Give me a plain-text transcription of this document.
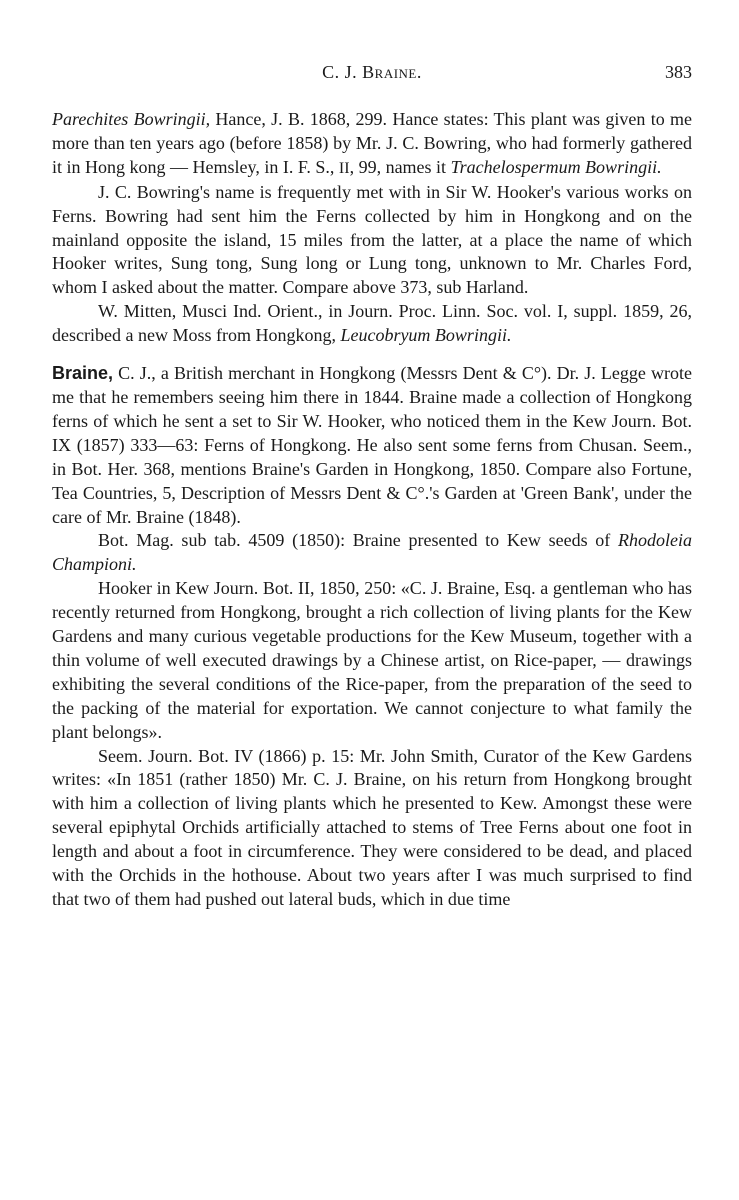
C. J. Braine.	383

Parechites Bowringii, Hance, J. B. 1868, 299. Hance states: This plant was given to me more than ten years ago (before 1858) by Mr. J. C. Bowring, who had formerly gathered it in Hong kong — Hemsley, in I. F. S., II, 99, names it Trachelospermum Bowringii.

J. C. Bowring's name is frequently met with in Sir W. Hooker's various works on Ferns. Bowring had sent him the Ferns collected by him in Hongkong and on the mainland opposite the island, 15 miles from the latter, at a place the name of which Hooker writes, Sung tong, Sung long or Lung tong, unknown to Mr. Charles Ford, whom I asked about the matter. Compare above 373, sub Harland.

W. Mitten, Musci Ind. Orient., in Journ. Proc. Linn. Soc. vol. I, suppl. 1859, 26, described a new Moss from Hongkong, Leucobryum Bowringii.

Braine, C. J., a British merchant in Hongkong (Messrs Dent & C°). Dr. J. Legge wrote me that he remembers seeing him there in 1844. Braine made a collection of Hongkong ferns of which he sent a set to Sir W. Hooker, who noticed them in the Kew Journ. Bot. IX (1857) 333—63: Ferns of Hongkong. He also sent some ferns from Chusan. Seem., in Bot. Her. 368, mentions Braine's Garden in Hongkong, 1850. Compare also Fortune, Tea Countries, 5, Description of Messrs Dent & C°.'s Garden at 'Green Bank', under the care of Mr. Braine (1848).

Bot. Mag. sub tab. 4509 (1850): Braine presented to Kew seeds of Rhodoleia Championi.

Hooker in Kew Journ. Bot. II, 1850, 250: «C. J. Braine, Esq. a gentleman who has recently returned from Hongkong, brought a rich collection of living plants for the Kew Gardens and many curious vegetable productions for the Kew Museum, together with a thin volume of well executed drawings by a Chinese artist, on Rice-paper, — drawings exhibiting the several conditions of the Rice-paper, from the preparation of the seed to the packing of the material for exportation. We cannot conjecture to what family the plant belongs».

Seem. Journ. Bot. IV (1866) p. 15: Mr. John Smith, Curator of the Kew Gardens writes: «In 1851 (rather 1850) Mr. C. J. Braine, on his return from Hongkong brought with him a collection of living plants which he presented to Kew. Amongst these were several epiphytal Orchids artificially attached to stems of Tree Ferns about one foot in length and about a foot in circumference. They were considered to be dead, and placed with the Orchids in the hothouse. About two years after I was much surprised to find that two of them had pushed out lateral buds, which in due time
